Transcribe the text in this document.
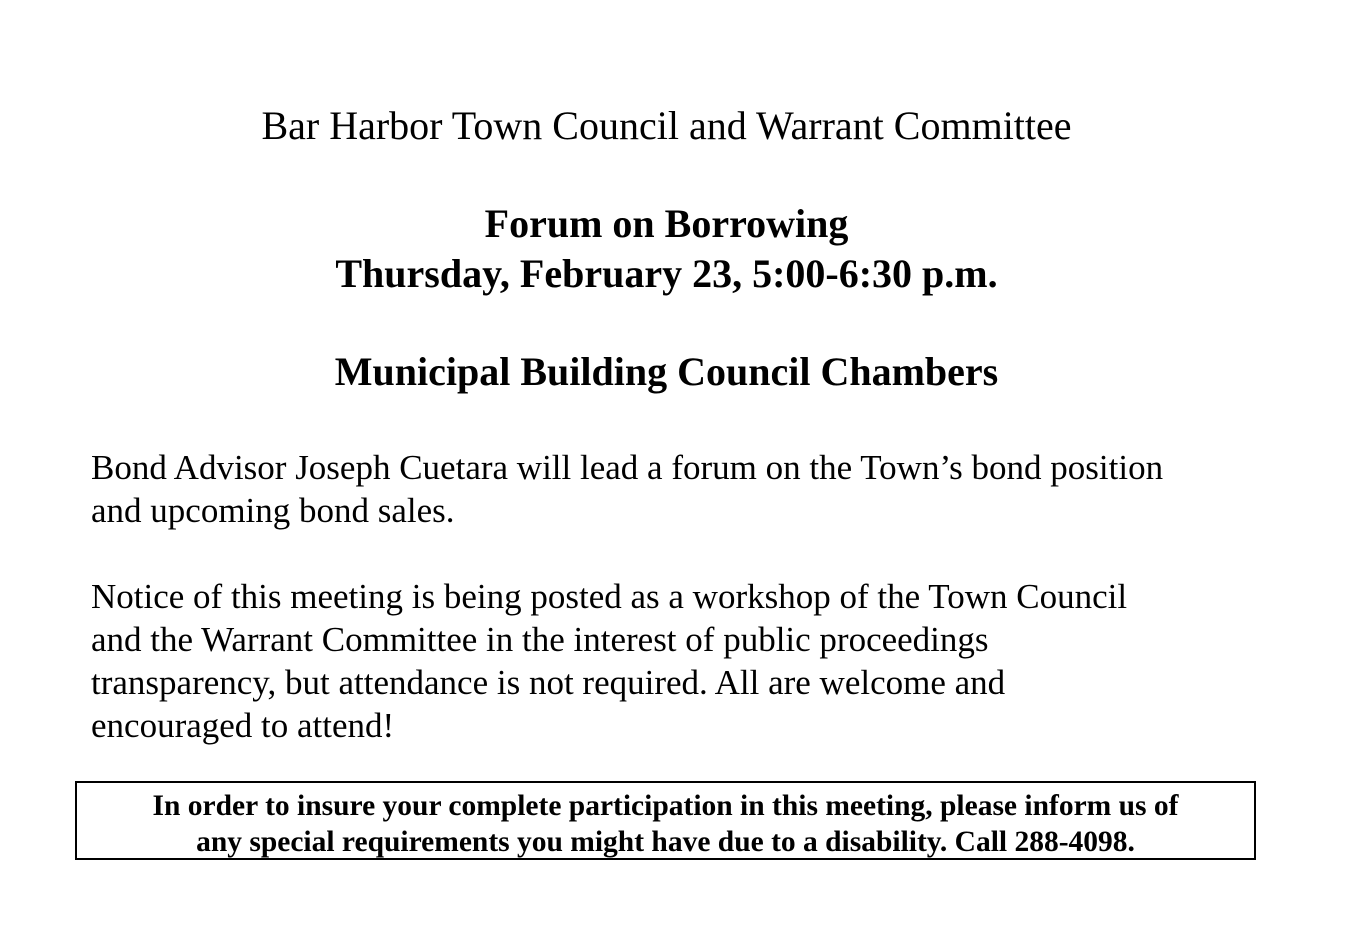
Bar Harbor Town Council and Warrant Committee
Forum on Borrowing
Thursday, February 23, 5:00-6:30 p.m.
Municipal Building Council Chambers
Bond Advisor Joseph Cuetara will lead a forum on the Town’s bond position
and upcoming bond sales.
Notice of this meeting is being posted as a workshop of the Town Council
and the Warrant Committee in the interest of public proceedings
transparency, but attendance is not required. All are welcome and
encouraged to attend!
In order to insure your complete participation in this meeting, please inform us of
any special requirements you might have due to a disability. Call 288-4098.
